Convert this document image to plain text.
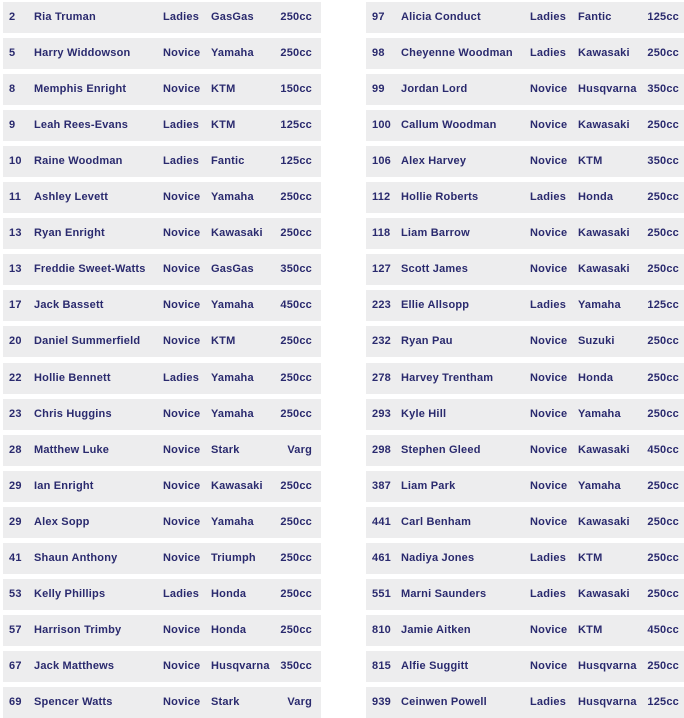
2 Ria Truman	Ladies GasGas 250cc
5 Harry Widdowson	Novice Yamaha 250cc
8 Memphis Enright	Novice KTM	150cc
9 Leah Rees-Evans	Ladies KTM	125cc
10 Raine Woodman	Ladies Fantic	125cc
11 Ashley Levett	Novice Yamaha 250cc
13 Ryan Enright	Novice Kawasaki 250cc
13 Freddie Sweet-Watts Novice GasGas 350cc
17 Jack Bassett	Novice Yamaha 450cc
20 Daniel Summerfield Novice KTM	250cc
22 Hollie Bennett	Ladies Yamaha 250cc
23 Chris Huggins	Novice Yamaha 250cc
28 Matthew Luke	Novice Stark	Varg
29 Ian Enright	Novice Kawasaki 250cc
29 Alex Sopp	Novice Yamaha 250cc
41 Shaun Anthony	Novice Triumph 250cc
53 Kelly Phillips	Ladies Honda	250cc
57 Harrison Trimby	Novice Honda	250cc
67 Jack Matthews	Novice Husqvarna 350cc
69 Spencer Watts	Novice Stark	Varg
97 Alicia Conduct	Ladies Fantic	125cc
98 Cheyenne Woodman Ladies Kawasaki 250cc
99 Jordan Lord	Novice Husqvarna 350cc
100 Callum Woodman	Novice Kawasaki 250cc
106 Alex Harvey	Novice KTM	350cc
112 Hollie Roberts	Ladies Honda	250cc
118 Liam Barrow	Novice Kawasaki 250cc
127 Scott James	Novice Kawasaki 250cc
223 Ellie Allsopp	Ladies Yamaha 125cc
232 Ryan Pau	Novice Suzuki	250cc
278 Harvey Trentham	Novice Honda	250cc
293 Kyle Hill	Novice Yamaha 250cc
298 Stephen Gleed	Novice Kawasaki 450cc
387 Liam Park	Novice Yamaha 250cc
441 Carl Benham	Novice Kawasaki 250cc
461 Nadiya Jones	Ladies KTM	250cc
551 Marni Saunders	Ladies Kawasaki 250cc
810 Jamie Aitken	Novice KTM	450cc
815 Alfie Suggitt	Novice Husqvarna 250cc
939 Ceinwen Powell	Ladies Husqvarna 125cc
